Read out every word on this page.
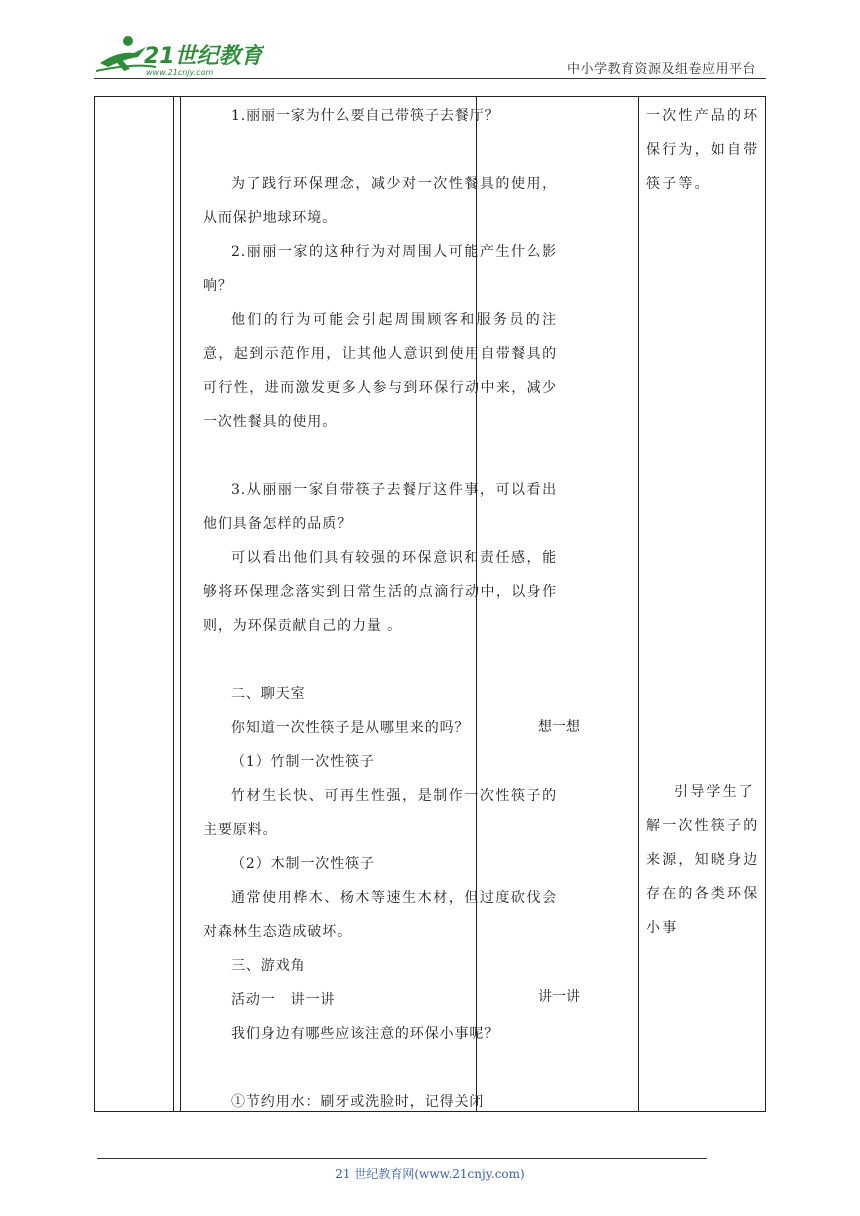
21世纪教育
www.21cnjy.com	中小学教育资源及组卷应用平台

1.丽丽一家为什么要自己带筷子去餐厅？

为了践行环保理念，减少对一次性餐具的使用，从而保护地球环境。

2.丽丽一家的这种行为对周围人可能产生什么影响？

他们的行为可能会引起周围顾客和服务员的注意，起到示范作用，让其他人意识到使用自带餐具的可行性，进而激发更多人参与到环保行动中来，减少一次性餐具的使用。

3.从丽丽一家自带筷子去餐厅这件事，可以看出他们具备怎样的品质？

可以看出他们具有较强的环保意识和责任感，能够将环保理念落实到日常生活的点滴行动中，以身作则，为环保贡献自己的力量 。

二、聊天室

你知道一次性筷子是从哪里来的吗？

（1）竹制一次性筷子

竹材生长快、可再生性强，是制作一次性筷子的主要原料。

（2）木制一次性筷子

通常使用桦木、杨木等速生木材，但过度砍伐会对森林生态造成破坏。

三、游戏角

活动一　讲一讲

我们身边有哪些应该注意的环保小事呢？

①节约用水：刷牙或洗脸时，记得关闭

想一想
讲一讲

一次性产品的环保行为，如自带筷子等。

引导学生了解一次性筷子的来源，知晓身边存在的各类环保小事

21 世纪教育网(www.21cnjy.com)
